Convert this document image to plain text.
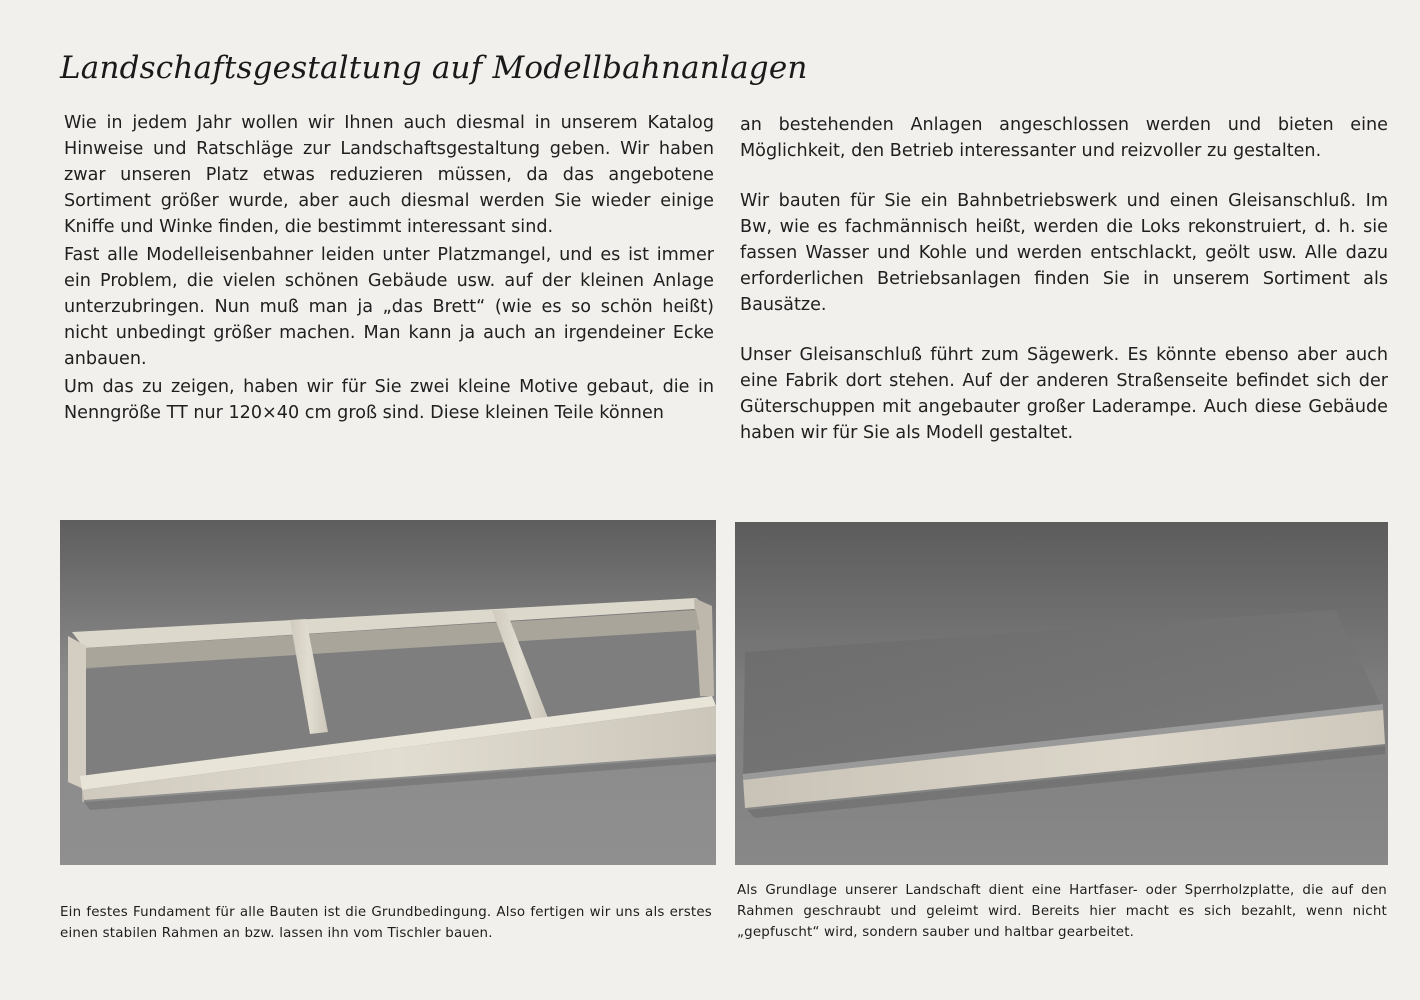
Landschaftsgestaltung auf Modellbahnanlagen

Wie in jedem Jahr wollen wir Ihnen auch diesmal in unserem Katalog Hinweise und Ratschläge zur Landschaftsgestaltung geben. Wir haben zwar unseren Platz etwas reduzieren müssen, da das angebotene Sortiment größer wurde, aber auch diesmal werden Sie wieder einige Kniffe und Winke finden, die bestimmt interessant sind.

Fast alle Modelleisenbahner leiden unter Platzmangel, und es ist immer ein Problem, die vielen schönen Gebäude usw. auf der kleinen Anlage unterzubringen. Nun muß man ja „das Brett“ (wie es so schön heißt) nicht unbedingt größer machen. Man kann ja auch an irgendeiner Ecke anbauen.

Um das zu zeigen, haben wir für Sie zwei kleine Motive gebaut, die in Nenngröße TT nur 120×40 cm groß sind. Diese kleinen Teile können

an bestehenden Anlagen angeschlossen werden und bieten eine Möglichkeit, den Betrieb interessanter und reizvoller zu gestalten.

Wir bauten für Sie ein Bahnbetriebswerk und einen Gleisanschluß. Im Bw, wie es fachmännisch heißt, werden die Loks rekonstruiert, d. h. sie fassen Wasser und Kohle und werden entschlackt, geölt usw. Alle dazu erforderlichen Betriebsanlagen finden Sie in unserem Sortiment als Bausätze.

Unser Gleisanschluß führt zum Sägewerk. Es könnte ebenso aber auch eine Fabrik dort stehen. Auf der anderen Straßenseite befindet sich der Güterschuppen mit angebauter großer Laderampe. Auch diese Gebäude haben wir für Sie als Modell gestaltet.

Ein festes Fundament für alle Bauten ist die Grundbedingung. Also fertigen wir uns als erstes einen stabilen Rahmen an bzw. lassen ihn vom Tischler bauen.

Als Grundlage unserer Landschaft dient eine Hartfaser- oder Sperrholzplatte, die auf den Rahmen geschraubt und geleimt wird. Bereits hier macht es sich bezahlt, wenn nicht „gepfuscht“ wird, sondern sauber und haltbar gearbeitet.
